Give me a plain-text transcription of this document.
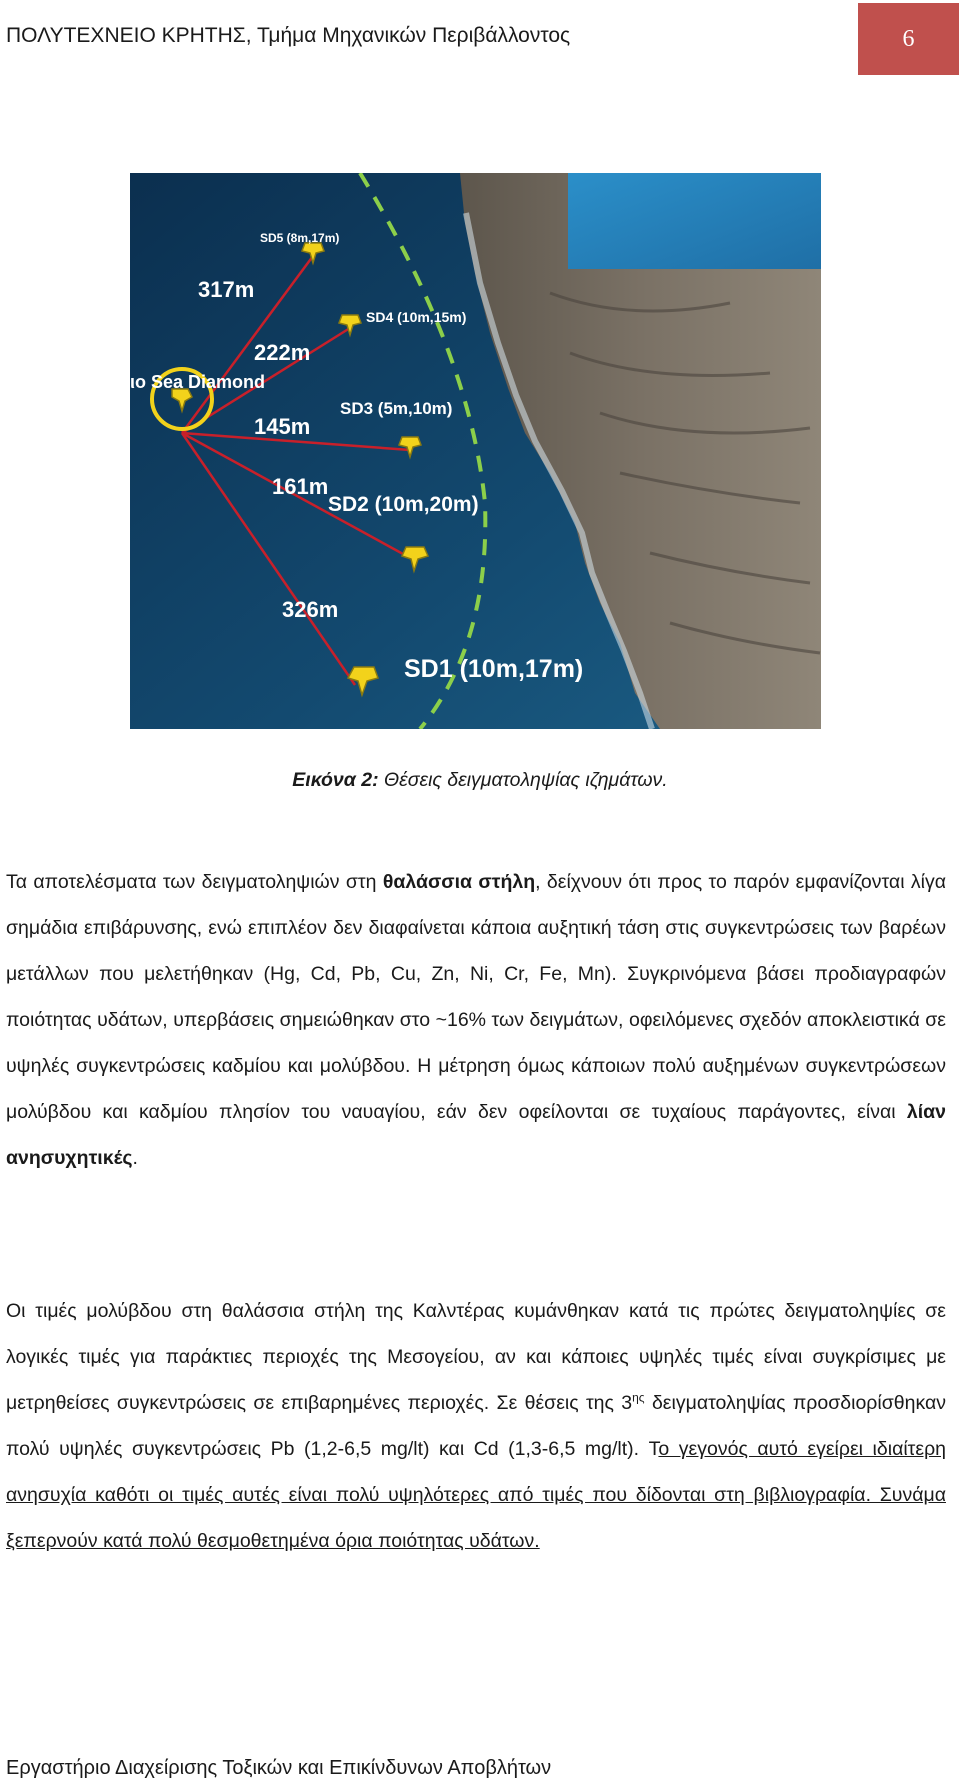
ΠΟΛΥΤΕΧΝΕΙΟ ΚΡΗΤΗΣ, Τμήμα Μηχανικών Περιβάλλοντος	6
ιο Sea Diamond
SD5 (8m,17m)
317m
SD4 (10m,15m)
222m
SD3 (5m,10m)
145m
SD2 (10m,20m)
161m
SD1 (10m,17m)
326m
Εικόνα 2: Θέσεις δειγματοληψίας ιζημάτων.

Τα αποτελέσματα των δειγματοληψιών στη θαλάσσια στήλη, δείχνουν ότι προς το παρόν εμφανίζονται λίγα σημάδια επιβάρυνσης, ενώ επιπλέον δεν διαφαίνεται κάποια αυξητική τάση στις συγκεντρώσεις των βαρέων μετάλλων που μελετήθηκαν (Hg, Cd, Pb, Cu, Zn, Ni, Cr, Fe, Mn). Συγκρινόμενα βάσει προδιαγραφών ποιότητας υδάτων, υπερβάσεις σημειώθηκαν στο ~16% των δειγμάτων, οφειλόμενες σχεδόν αποκλειστικά σε υψηλές συγκεντρώσεις καδμίου και μολύβδου. Η μέτρηση όμως κάποιων πολύ αυξημένων συγκεντρώσεων μολύβδου και καδμίου πλησίον του ναυαγίου, εάν δεν οφείλονται σε τυχαίους παράγοντες, είναι λίαν ανησυχητικές.

Οι τιμές μολύβδου στη θαλάσσια στήλη της Καλντέρας κυμάνθηκαν κατά τις πρώτες δειγματοληψίες σε λογικές τιμές για παράκτιες περιοχές της Μεσογείου, αν και κάποιες υψηλές τιμές είναι συγκρίσιμες με μετρηθείσες συγκεντρώσεις σε επιβαρημένες περιοχές. Σε θέσεις της $3^{\eta\varsigma}$ δειγματοληψίας προσδιορίσθηκαν πολύ υψηλές συγκεντρώσεις Pb (1,2-6,5 mg/lt) και Cd (1,3-6,5 mg/lt). Το γεγονός αυτό εγείρει ιδιαίτερη ανησυχία καθότι οι τιμές αυτές είναι πολύ υψηλότερες από τιμές που δίδονται στη βιβλιογραφία. Συνάμα ξεπερνούν κατά πολύ θεσμοθετημένα όρια ποιότητας υδάτων.

Εργαστήριο Διαχείρισης Τοξικών και Επικίνδυνων Αποβλήτων
